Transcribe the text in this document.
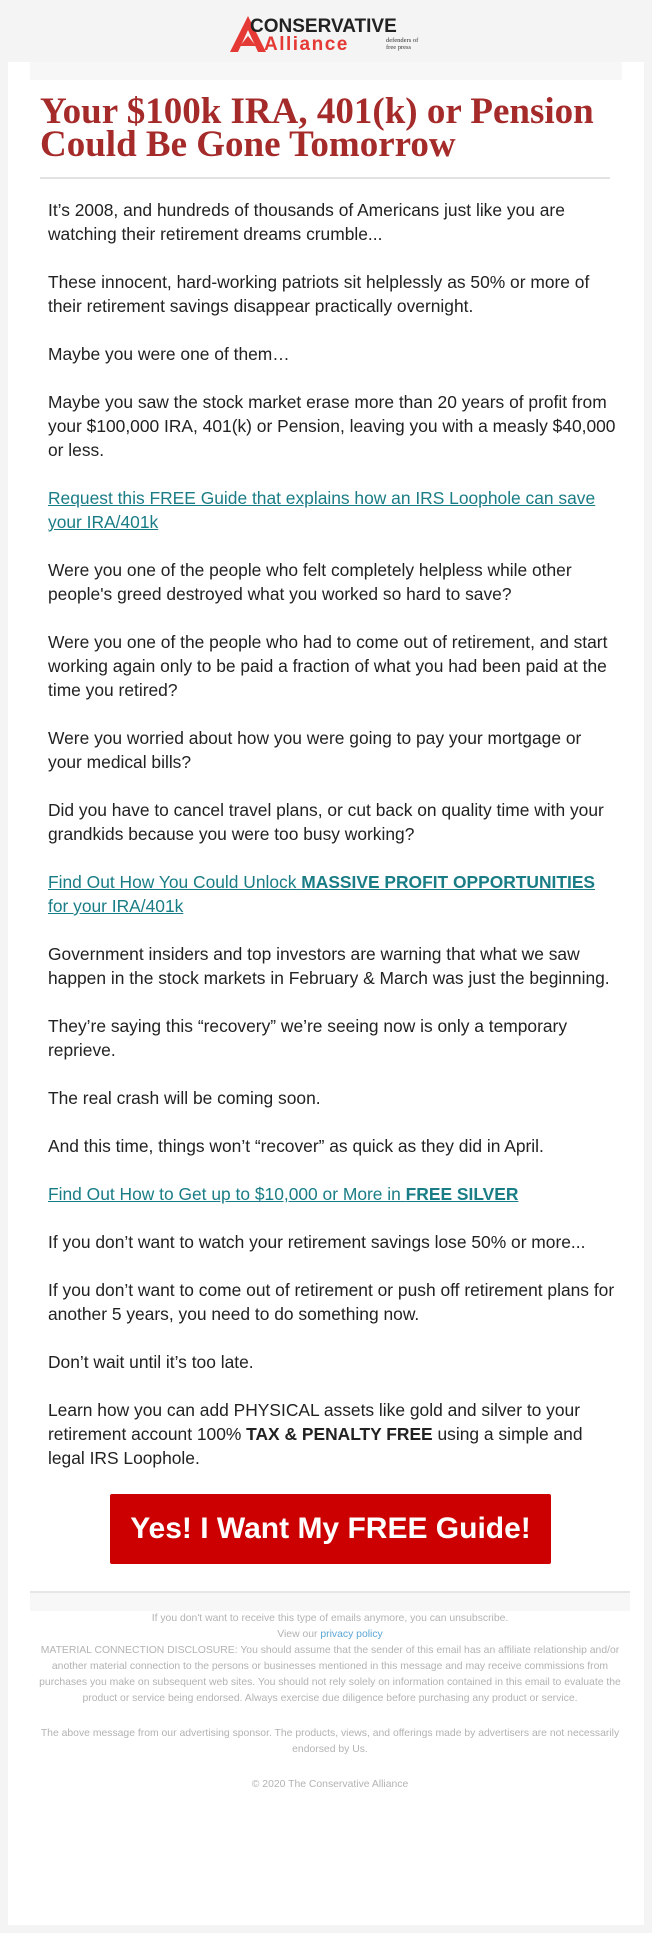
CONSERVATIVE
Alliance	defenders of
free press
Your $100k IRA, 401(k) or Pension Could Be Gone Tomorrow

It’s 2008, and hundreds of thousands of Americans just like you are watching their retirement dreams crumble...

These innocent, hard-working patriots sit helplessly as 50% or more of their retirement savings disappear practically overnight.

Maybe you were one of them…

Maybe you saw the stock market erase more than 20 years of profit from your $100,000 IRA, 401(k) or Pension, leaving you with a measly $40,000 or less.

Request this FREE Guide that explains how an IRS Loophole can save your IRA/401k

Were you one of the people who felt completely helpless while other people's greed destroyed what you worked so hard to save?

Were you one of the people who had to come out of retirement, and start working again only to be paid a fraction of what you had been paid at the time you retired?

Were you worried about how you were going to pay your mortgage or your medical bills?

Did you have to cancel travel plans, or cut back on quality time with your grandkids because you were too busy working?

Find Out How You Could Unlock MASSIVE PROFIT OPPORTUNITIES for your IRA/401k

Government insiders and top investors are warning that what we saw happen in the stock markets in February & March was just the beginning.

They’re saying this “recovery” we’re seeing now is only a temporary reprieve.

The real crash will be coming soon.

And this time, things won’t “recover” as quick as they did in April.

Find Out How to Get up to $10,000 or More in FREE SILVER

If you don’t want to watch your retirement savings lose 50% or more...

If you don’t want to come out of retirement or push off retirement plans for another 5 years, you need to do something now.

Don’t wait until it’s too late.

Learn how you can add PHYSICAL assets like gold and silver to your retirement account 100% TAX & PENALTY FREE using a simple and legal IRS Loophole.

Yes! I Want My FREE Guide!

If you don't want to receive this type of emails anymore, you can unsubscribe.

View our privacy policy

MATERIAL CONNECTION DISCLOSURE: You should assume that the sender of this email has an affiliate relationship and/or another material connection to the persons or businesses mentioned in this message and may receive commissions from purchases you make on subsequent web sites. You should not rely solely on information contained in this email to evaluate the product or service being endorsed. Always exercise due diligence before purchasing any product or service.

The above message from our advertising sponsor. The products, views, and offerings made by advertisers are not necessarily endorsed by Us.

© 2020 The Conservative Alliance
